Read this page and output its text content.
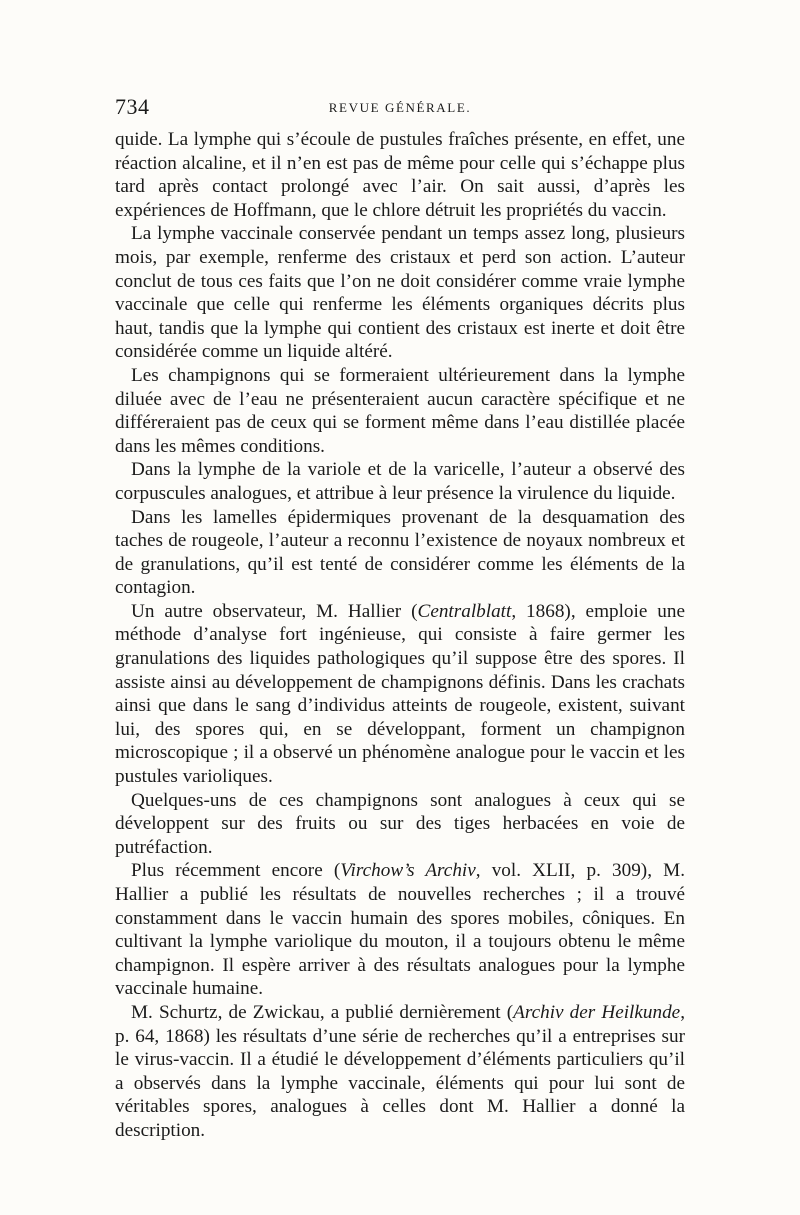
734	REVUE GÉNÉRALE.

quide. La lymphe qui s’écoule de pustules fraîches présente, en effet, une réaction alcaline, et il n’en est pas de même pour celle qui s’échappe plus tard après contact prolongé avec l’air. On sait aussi, d’après les expériences de Hoffmann, que le chlore détruit les propriétés du vaccin.

La lymphe vaccinale conservée pendant un temps assez long, plusieurs mois, par exemple, renferme des cristaux et perd son action. L’auteur conclut de tous ces faits que l’on ne doit considérer comme vraie lymphe vaccinale que celle qui renferme les éléments organiques décrits plus haut, tandis que la lymphe qui contient des cristaux est inerte et doit être considérée comme un liquide altéré.

Les champignons qui se formeraient ultérieurement dans la lymphe diluée avec de l’eau ne présenteraient aucun caractère spécifique et ne différeraient pas de ceux qui se forment même dans l’eau distillée placée dans les mêmes conditions.

Dans la lymphe de la variole et de la varicelle, l’auteur a observé des corpuscules analogues, et attribue à leur présence la virulence du liquide.

Dans les lamelles épidermiques provenant de la desquamation des taches de rougeole, l’auteur a reconnu l’existence de noyaux nombreux et de granulations, qu’il est tenté de considérer comme les éléments de la contagion.

Un autre observateur, M. Hallier (Centralblatt, 1868), emploie une méthode d’analyse fort ingénieuse, qui consiste à faire germer les granulations des liquides pathologiques qu’il suppose être des spores. Il assiste ainsi au développement de champignons définis. Dans les crachats ainsi que dans le sang d’individus atteints de rougeole, existent, suivant lui, des spores qui, en se développant, forment un champignon microscopique ; il a observé un phénomène analogue pour le vaccin et les pustules varioliques.

Quelques-uns de ces champignons sont analogues à ceux qui se développent sur des fruits ou sur des tiges herbacées en voie de putréfaction.

Plus récemment encore (Virchow’s Archiv, vol. XLII, p. 309), M. Hallier a publié les résultats de nouvelles recherches ; il a trouvé constamment dans le vaccin humain des spores mobiles, côniques. En cultivant la lymphe variolique du mouton, il a toujours obtenu le même champignon. Il espère arriver à des résultats analogues pour la lymphe vaccinale humaine.

M. Schurtz, de Zwickau, a publié dernièrement (Archiv der Heilkunde, p. 64, 1868) les résultats d’une série de recherches qu’il a entreprises sur le virus-vaccin. Il a étudié le développement d’éléments particuliers qu’il a observés dans la lymphe vaccinale, éléments qui pour lui sont de véritables spores, analogues à celles dont M. Hallier a donné la description.
